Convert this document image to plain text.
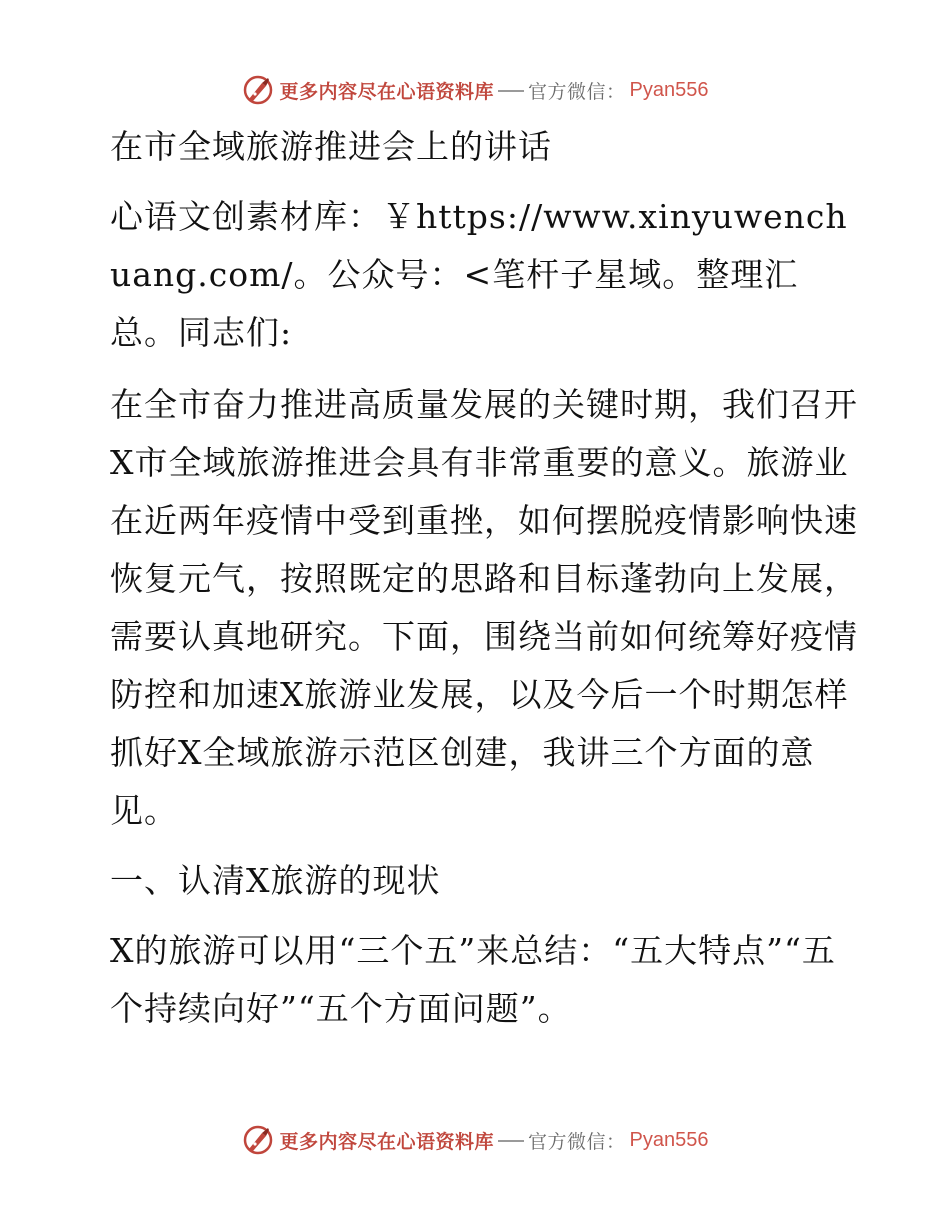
更多内容尽在心语资料库 官方微信： Pyan556

在市全域旅游推进会上的讲话

心语文创素材库：￥https://www.xinyuwenchuang.com/。公众号：<笔杆子星域。整理汇总。同志们:

在全市奋力推进高质量发展的关键时期，我们召开X市全域旅游推进会具有非常重要的意义。旅游业在近两年疫情中受到重挫，如何摆脱疫情影响快速恢复元气，按照既定的思路和目标蓬勃向上发展，需要认真地研究。下面，围绕当前如何统筹好疫情防控和加速X旅游业发展，以及今后一个时期怎样抓好X全域旅游示范区创建，我讲三个方面的意见。

一、认清X旅游的现状

X的旅游可以用“三个五”来总结：“五大特点”“五个持续向好”“五个方面问题”。

更多内容尽在心语资料库 官方微信： Pyan556
